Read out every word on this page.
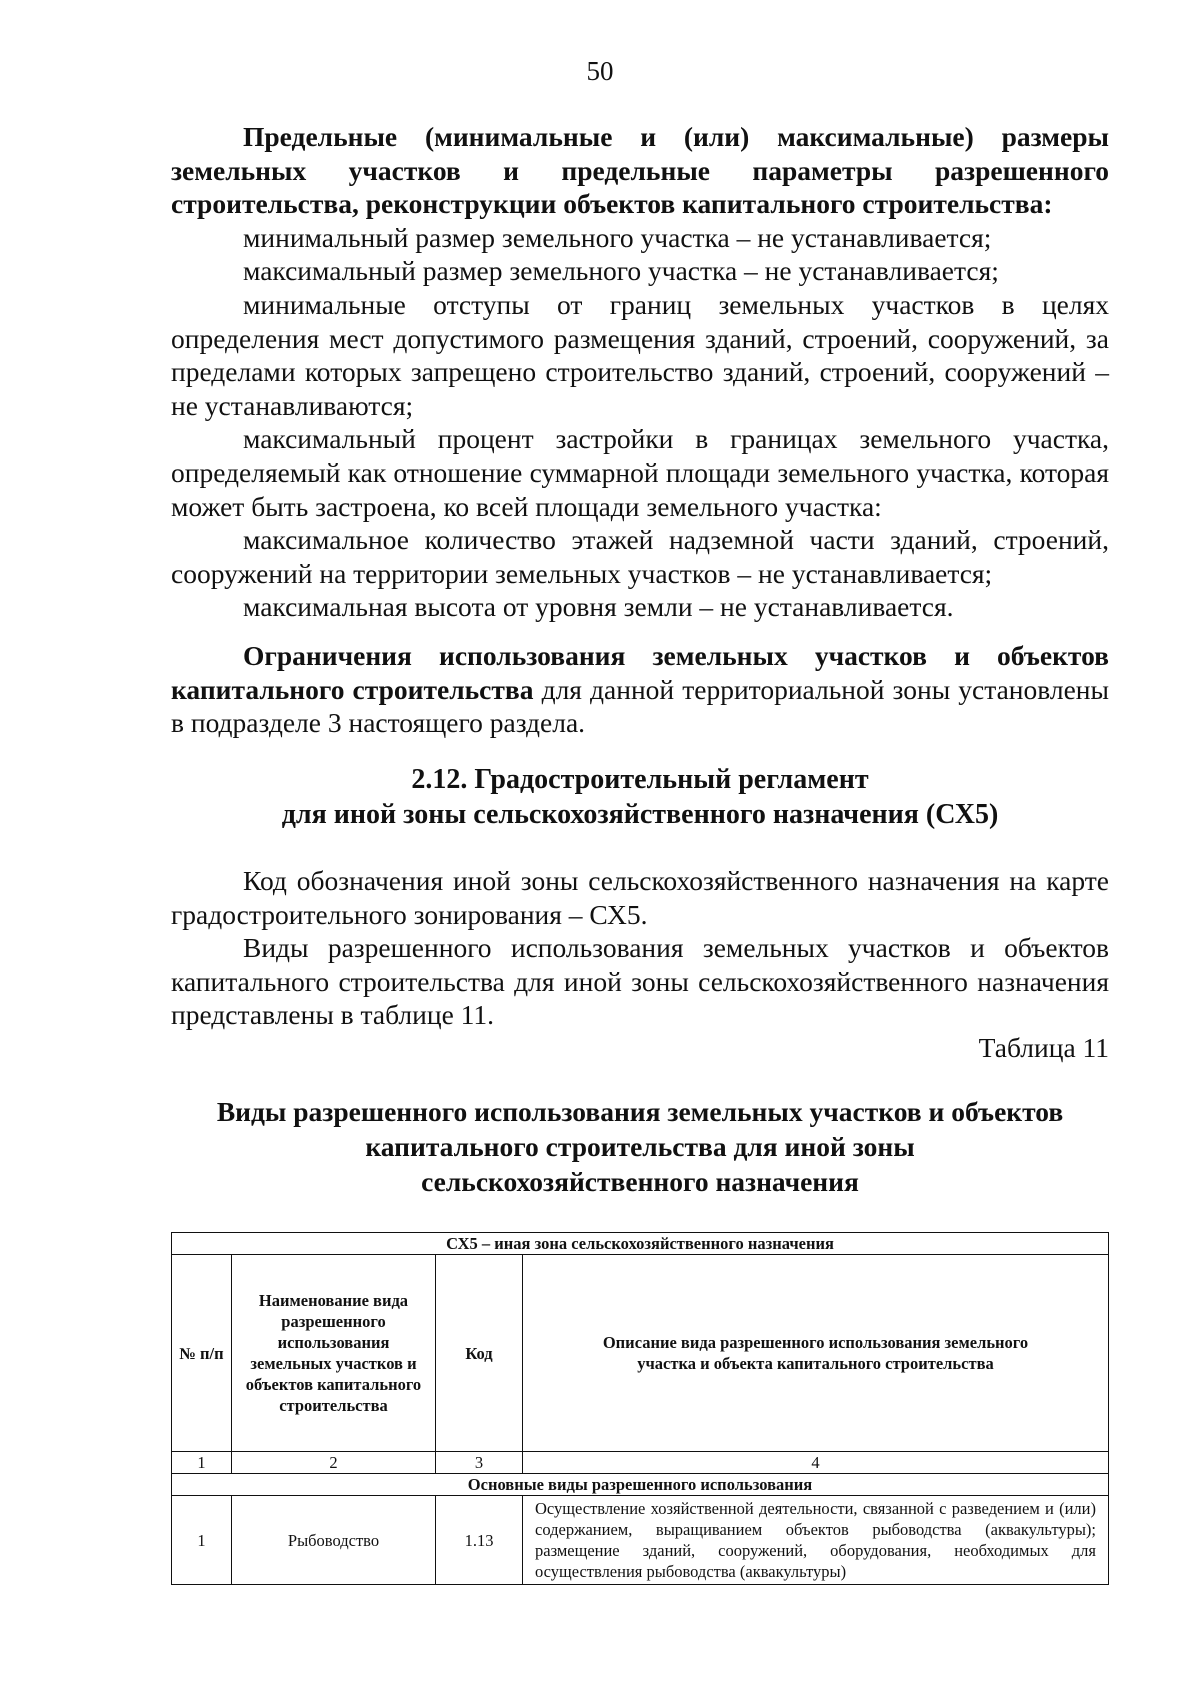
50
Предельные (минимальные и (или) максимальные) размеры земельных участков и предельные параметры разрешенного строительства, реконструкции объектов капитального строительства:
минимальный размер земельного участка – не устанавливается;
максимальный размер земельного участка – не устанавливается;
минимальные отступы от границ земельных участков в целях определения мест допустимого размещения зданий, строений, сооружений, за пределами которых запрещено строительство зданий, строений, сооружений – не устанавливаются;
максимальный процент застройки в границах земельного участка, определяемый как отношение суммарной площади земельного участка, которая может быть застроена, ко всей площади земельного участка:
максимальное количество этажей надземной части зданий, строений, сооружений на территории земельных участков – не устанавливается;
максимальная высота от уровня земли – не устанавливается.
Ограничения использования земельных участков и объектов капитального строительства для данной территориальной зоны установлены в подразделе 3 настоящего раздела.
2.12. Градостроительный регламент
для иной зоны сельскохозяйственного назначения (СХ5)
Код обозначения иной зоны сельскохозяйственного назначения на карте градостроительного зонирования – СХ5.
Виды разрешенного использования земельных участков и объектов капитального строительства для иной зоны сельскохозяйственного назначения представлены в таблице 11.
Таблица 11
Виды разрешенного использования земельных участков и объектов
капитального строительства для иной зоны
сельскохозяйственного назначения
СХ5 – иная зона сельскохозяйственного назначения			
№ п/п	Наименование вида разрешенного использования земельных участков и объектов капитального строительства	Код	Описание вида разрешенного использования земельного участка и объекта капитального строительства
1	2	3	4
Основные виды разрешенного использования			
1	Рыбоводство	1.13	Осуществление хозяйственной деятельности, связанной с разведением и (или) содержанием, выращиванием объектов рыбоводства (аквакультуры); размещение зданий, сооружений, оборудования, необходимых для осуществления рыбоводства (аквакультуры)
